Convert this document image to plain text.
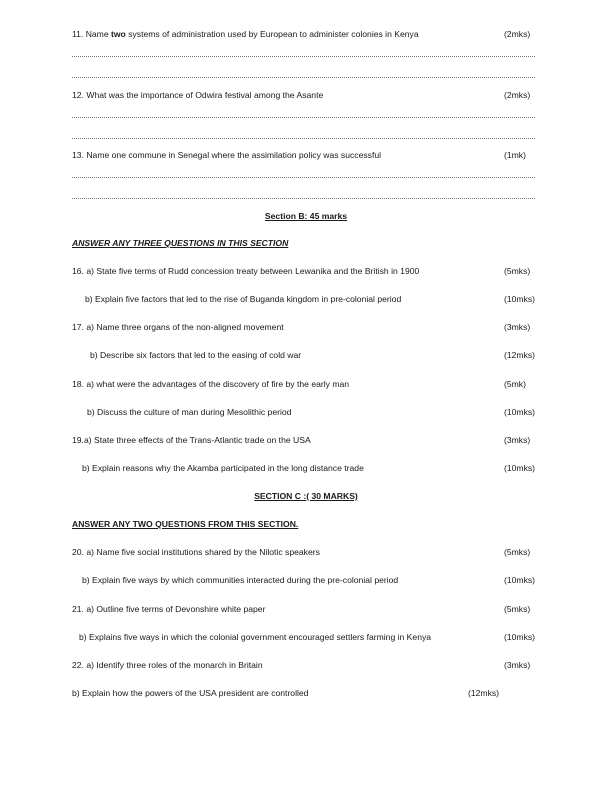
11. Name two systems of administration used by European to administer colonies in Kenya	(2mks)
12. What was the importance of Odwira festival among the Asante	(2mks)
13. Name one commune in Senegal where the assimilation policy was successful	(1mk)
Section B: 45 marks
ANSWER ANY THREE QUESTIONS IN THIS SECTION
16. a) State five terms of Rudd concession treaty between Lewanika and the British in 1900	(5mks)
b) Explain five factors that led to the rise of Buganda kingdom in pre-colonial period	(10mks)
17. a) Name three organs of the non-aligned movement	(3mks)
b) Describe six factors that led to the easing of cold war	(12mks)
18. a) what were the advantages of the discovery of fire by the early man	(5mk)
b) Discuss the culture of man during Mesolithic period	(10mks)
19.a) State three effects of the Trans-Atlantic trade on the USA	(3mks)
b) Explain reasons why the Akamba participated in the long distance trade	(10mks)
SECTION C :( 30 MARKS)
ANSWER ANY TWO QUESTIONS FROM THIS SECTION.
20. a) Name five social institutions shared by the Nilotic speakers	(5mks)
b) Explain five ways by which communities interacted during the pre-colonial period	(10mks)
21. a) Outline five terms of Devonshire white paper	(5mks)
b) Explains five ways in which the colonial government encouraged settlers farming in Kenya	(10mks)
22. a) Identify three roles of the monarch in Britain	(3mks)
b) Explain how the powers of the USA president are controlled	(12mks)
